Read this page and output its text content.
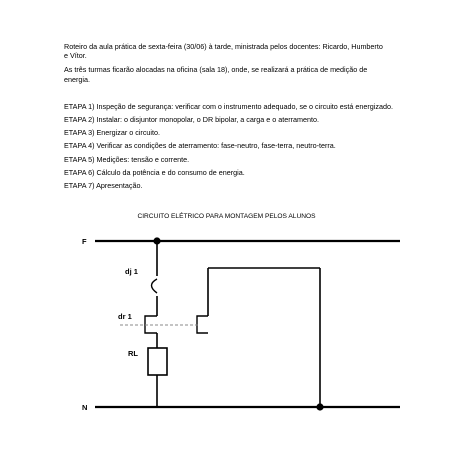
Roteiro da aula prática de sexta-feira (30/06) à tarde, ministrada pelos docentes: Ricardo, Humberto

e Vítor.

As três turmas ficarão alocadas na oficina (sala 18), onde, se realizará a prática de medição de

energia.

ETAPA 1) Inspeção de segurança: verificar com o instrumento adequado, se o circuito está energizado.

ETAPA 2) Instalar: o disjuntor monopolar, o DR bipolar, a carga e o aterramento.

ETAPA 3) Energizar o circuito.

ETAPA 4) Verificar as condições de aterramento: fase-neutro, fase-terra, neutro-terra.

ETAPA 5) Medições: tensão e corrente.

ETAPA 6) Cálculo da potência e do consumo de energia.

ETAPA 7) Apresentação.

CIRCUITO ELÉTRICO PARA MONTAGEM PELOS ALUNOS
F
N
dj 1
dr 1
RL
